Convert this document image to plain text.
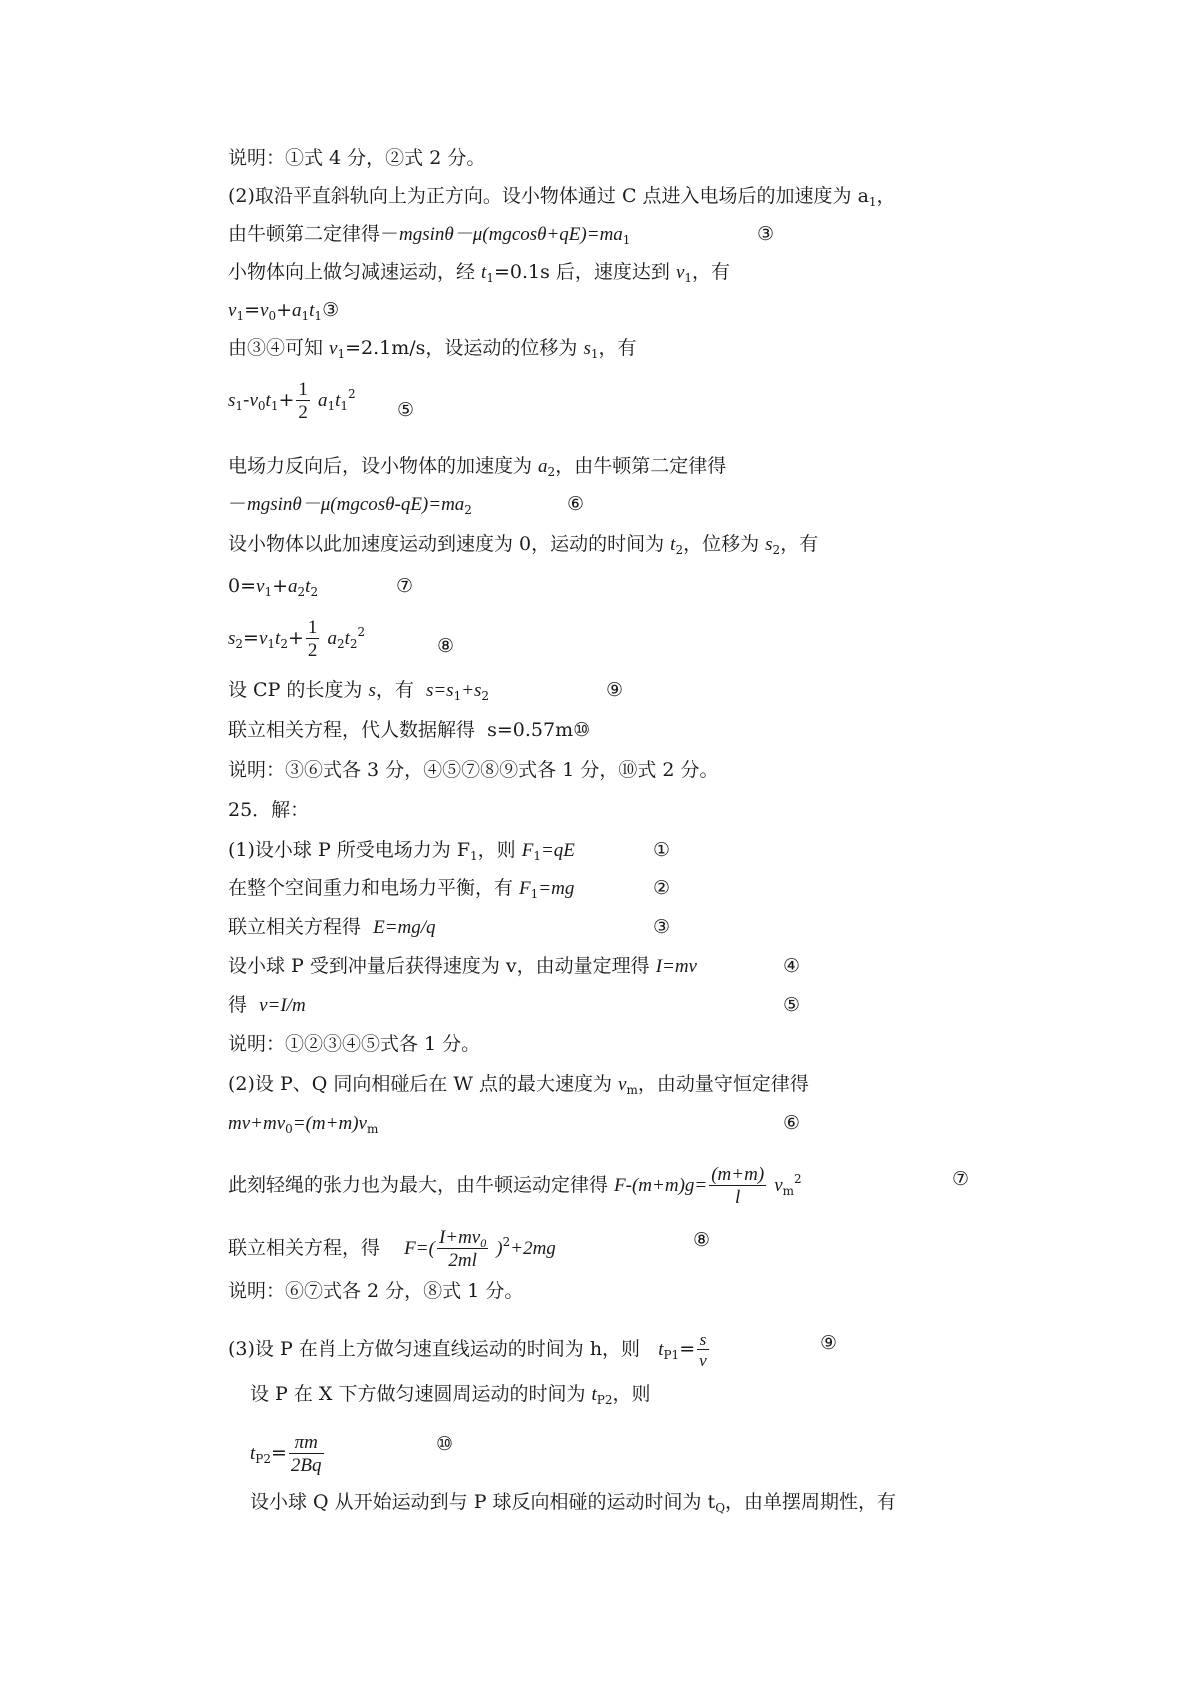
说明：①式 4 分，②式 2 分。
(2)取沿平直斜轨向上为正方向。设小物体通过 C 点进入电场后的加速度为 $a_1$，
由牛顿第二定律得$-mgsin\theta-\mu(mgcos\theta+qE)=ma_1$	③
小物体向上做匀减速运动，经 $t_1=0.1s$ 后，速度达到 $v_1$，有
$v_1=v_0+a_1t_1③$
由③④可知 $v_1=2.1m/s$，设运动的位移为 $s_1$，有
$s_1-v_0t_1+ \frac{1}{2} a_1t_1^2$
⑤
电场力反向后，设小物体的加速度为 $a_2$，由牛顿第二定律得
$-mgsin\theta-\mu(mgcos\theta-qE)=ma_2$	⑥
设小物体以此加速度运动到速度为 0，运动的时间为 $t_2$，位移为 $s_2$，有
$0=v_1+a_2t_2$	⑦
$s_2=v_1t_2+ \frac{1}{2} a_2t_2^2$
⑧
设 CP 的长度为 s，有  $s=s_1+s_2$	⑨
联立相关方程，代人数据解得  s=0.57m⑩
说明：③⑥式各 3 分，④⑤⑦⑧⑨式各 1 分，⑩式 2 分。
25．解：
(1)设小球 P 所受电场力为 $F_1$，则 $F_1=qE$	①
在整个空间重力和电场力平衡，有 $F_1=mg$	②
联立相关方程得  E=mg/q	③
设小球 P 受到冲量后获得速度为 v，由动量定理得 I=mv	④
得  v=I/m	⑤
说明：①②③④⑤式各 1 分。
(2)设 P、Q 同向相碰后在 W 点的最大速度为 $v_m$，由动量守恒定律得
$mv+mv_0=(m+m)v_m$	⑥
此刻轻绳的张力也为最大，由牛顿运动定律得 $F-(m+m)g= \frac{(m+m)}{l} v_m^2$	⑦
联立相关方程，得    $F=( \frac{I+mv_0}{2ml} )^2+2mg$	⑧
说明：⑥⑦式各 2 分，⑧式 1 分。
(3)设 P 在肖上方做匀速直线运动的时间为 h，则   $t_{P1}= \frac{s}{v}$	⑨
设 P 在 X 下方做匀速圆周运动的时间为 $t_{P2}$，则
$t_{P2}= \frac{\pi m}{2Bq}$	⑩
设小球 Q 从开始运动到与 P 球反向相碰的运动时间为 $t_Q$，由单摆周期性，有
